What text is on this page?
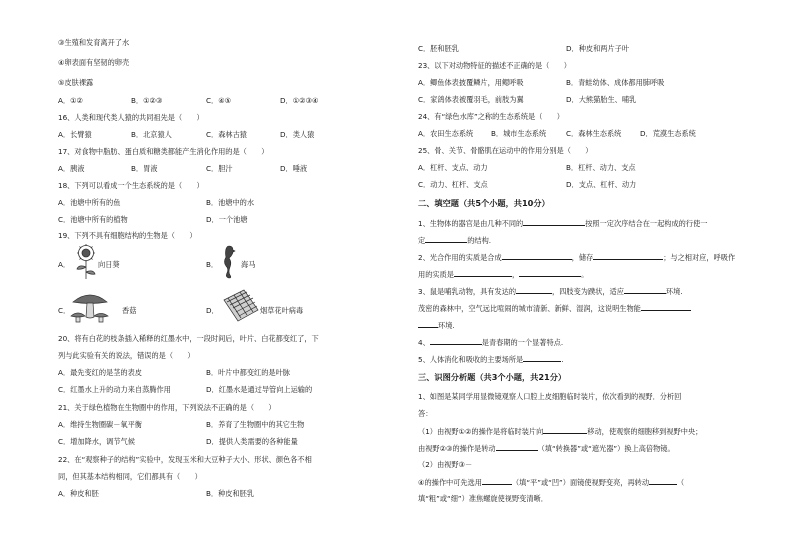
③生殖和发育离开了水
④卵表面有坚韧的卵壳
⑤皮肤裸露
A．①②	B．①②③	C．④⑤	D．①②③④
16、人类和现代类人猿的共同祖先是（　　）
A．长臂猿	B．北京猿人	C．森林古猿	D．类人猿
17、对食物中脂肪、蛋白质和糖类都能产生消化作用的是（　　）
A．胰液	B．胃液	C．胆汁	D．唾液
18、下列可以看成一个生态系统的是（　　）
A．池塘中所有的鱼	B．池塘中的水
C．池塘中所有的植物	D．一个池塘
19、下列不具有细胞结构的生物是（　　）
A．	向日葵	B．	海马
C．	香菇	D．	烟草花叶病毒
20、将有白花的枝条插入稀释的红墨水中，一段时间后，叶片、白花都变红了，下
列与此实验有关的说法，错误的是（　　）
A．最先变红的是茎的表皮	B．叶片中都变红的是叶脉
C．红墨水上升的动力来自蒸腾作用	D．红墨水是通过导管向上运输的
21、关于绿色植物在生物圈中的作用，下列说法不正确的是（　　）
A．维持生物圈碳－氧平衡	B．养育了生物圈中的其它生物
C．增加降水，调节气候	D．提供人类需要的各种能量
22、在“观察种子的结构”实验中，发现玉米和大豆种子大小、形状、颜色各不相
同，但其基本结构相同，它们都具有（　　）
A．种皮和胚	B．种皮和胚乳
C．胚和胚乳	D．种皮和两片子叶
23、以下对动物特征的描述不正确的是（　　）
A．鲫鱼体表披覆鳞片，用鳃呼吸	B．青蛙幼体、成体都用肺呼吸
C．家鸽体表被覆羽毛，前肢为翼	D．大熊猫胎生、哺乳
24、有“绿色水库”之称的生态系统是（　　）
A．农田生态系统 B．城市生态系统	C．森林生态系统	D．荒漠生态系统
25、骨、关节、骨骼肌在运动中的作用分别是（　　）
A．杠杆、支点、动力	B．杠杆、动力、支点
C．动力、杠杆、支点	D．支点、杠杆、动力
二、填空题（共5个小题，共10分）
1、生物体的器官是由几种不同的	按照一定次序结合在一起构成的行使一
定	的结构.
2、光合作用的实质是合成	，储存	；与之相对应，呼吸作
用的实质是	，	。
3、鼠是哺乳动物，具有发达的	，四肢变为蹼状，适应	环境.
茂密的森林中，空气远比喧闹的城市清新、新鲜、湿润，这说明生物能
环境.
4、	是青春期的一个显著特点.
5、人体消化和吸收的主要场所是	.
三、识图分析题（共3个小题，共21分）
1、如图是某同学用显微镜观察人口腔上皮细胞临时装片，依次看到的视野．分析回
答：
（1）由视野①②的操作是将临时装片向	移动，使观察的细胞移到视野中央；
由视野②③的操作是转动	（填“转换器”或“遮光器”）换上高倍物镜。
（2）由视野③－
④的操作中可先选用	（填“平”或“凹”）面镜使视野变亮，再转动	（
填“粗”或“细”）准焦螺旋使视野变清晰．
